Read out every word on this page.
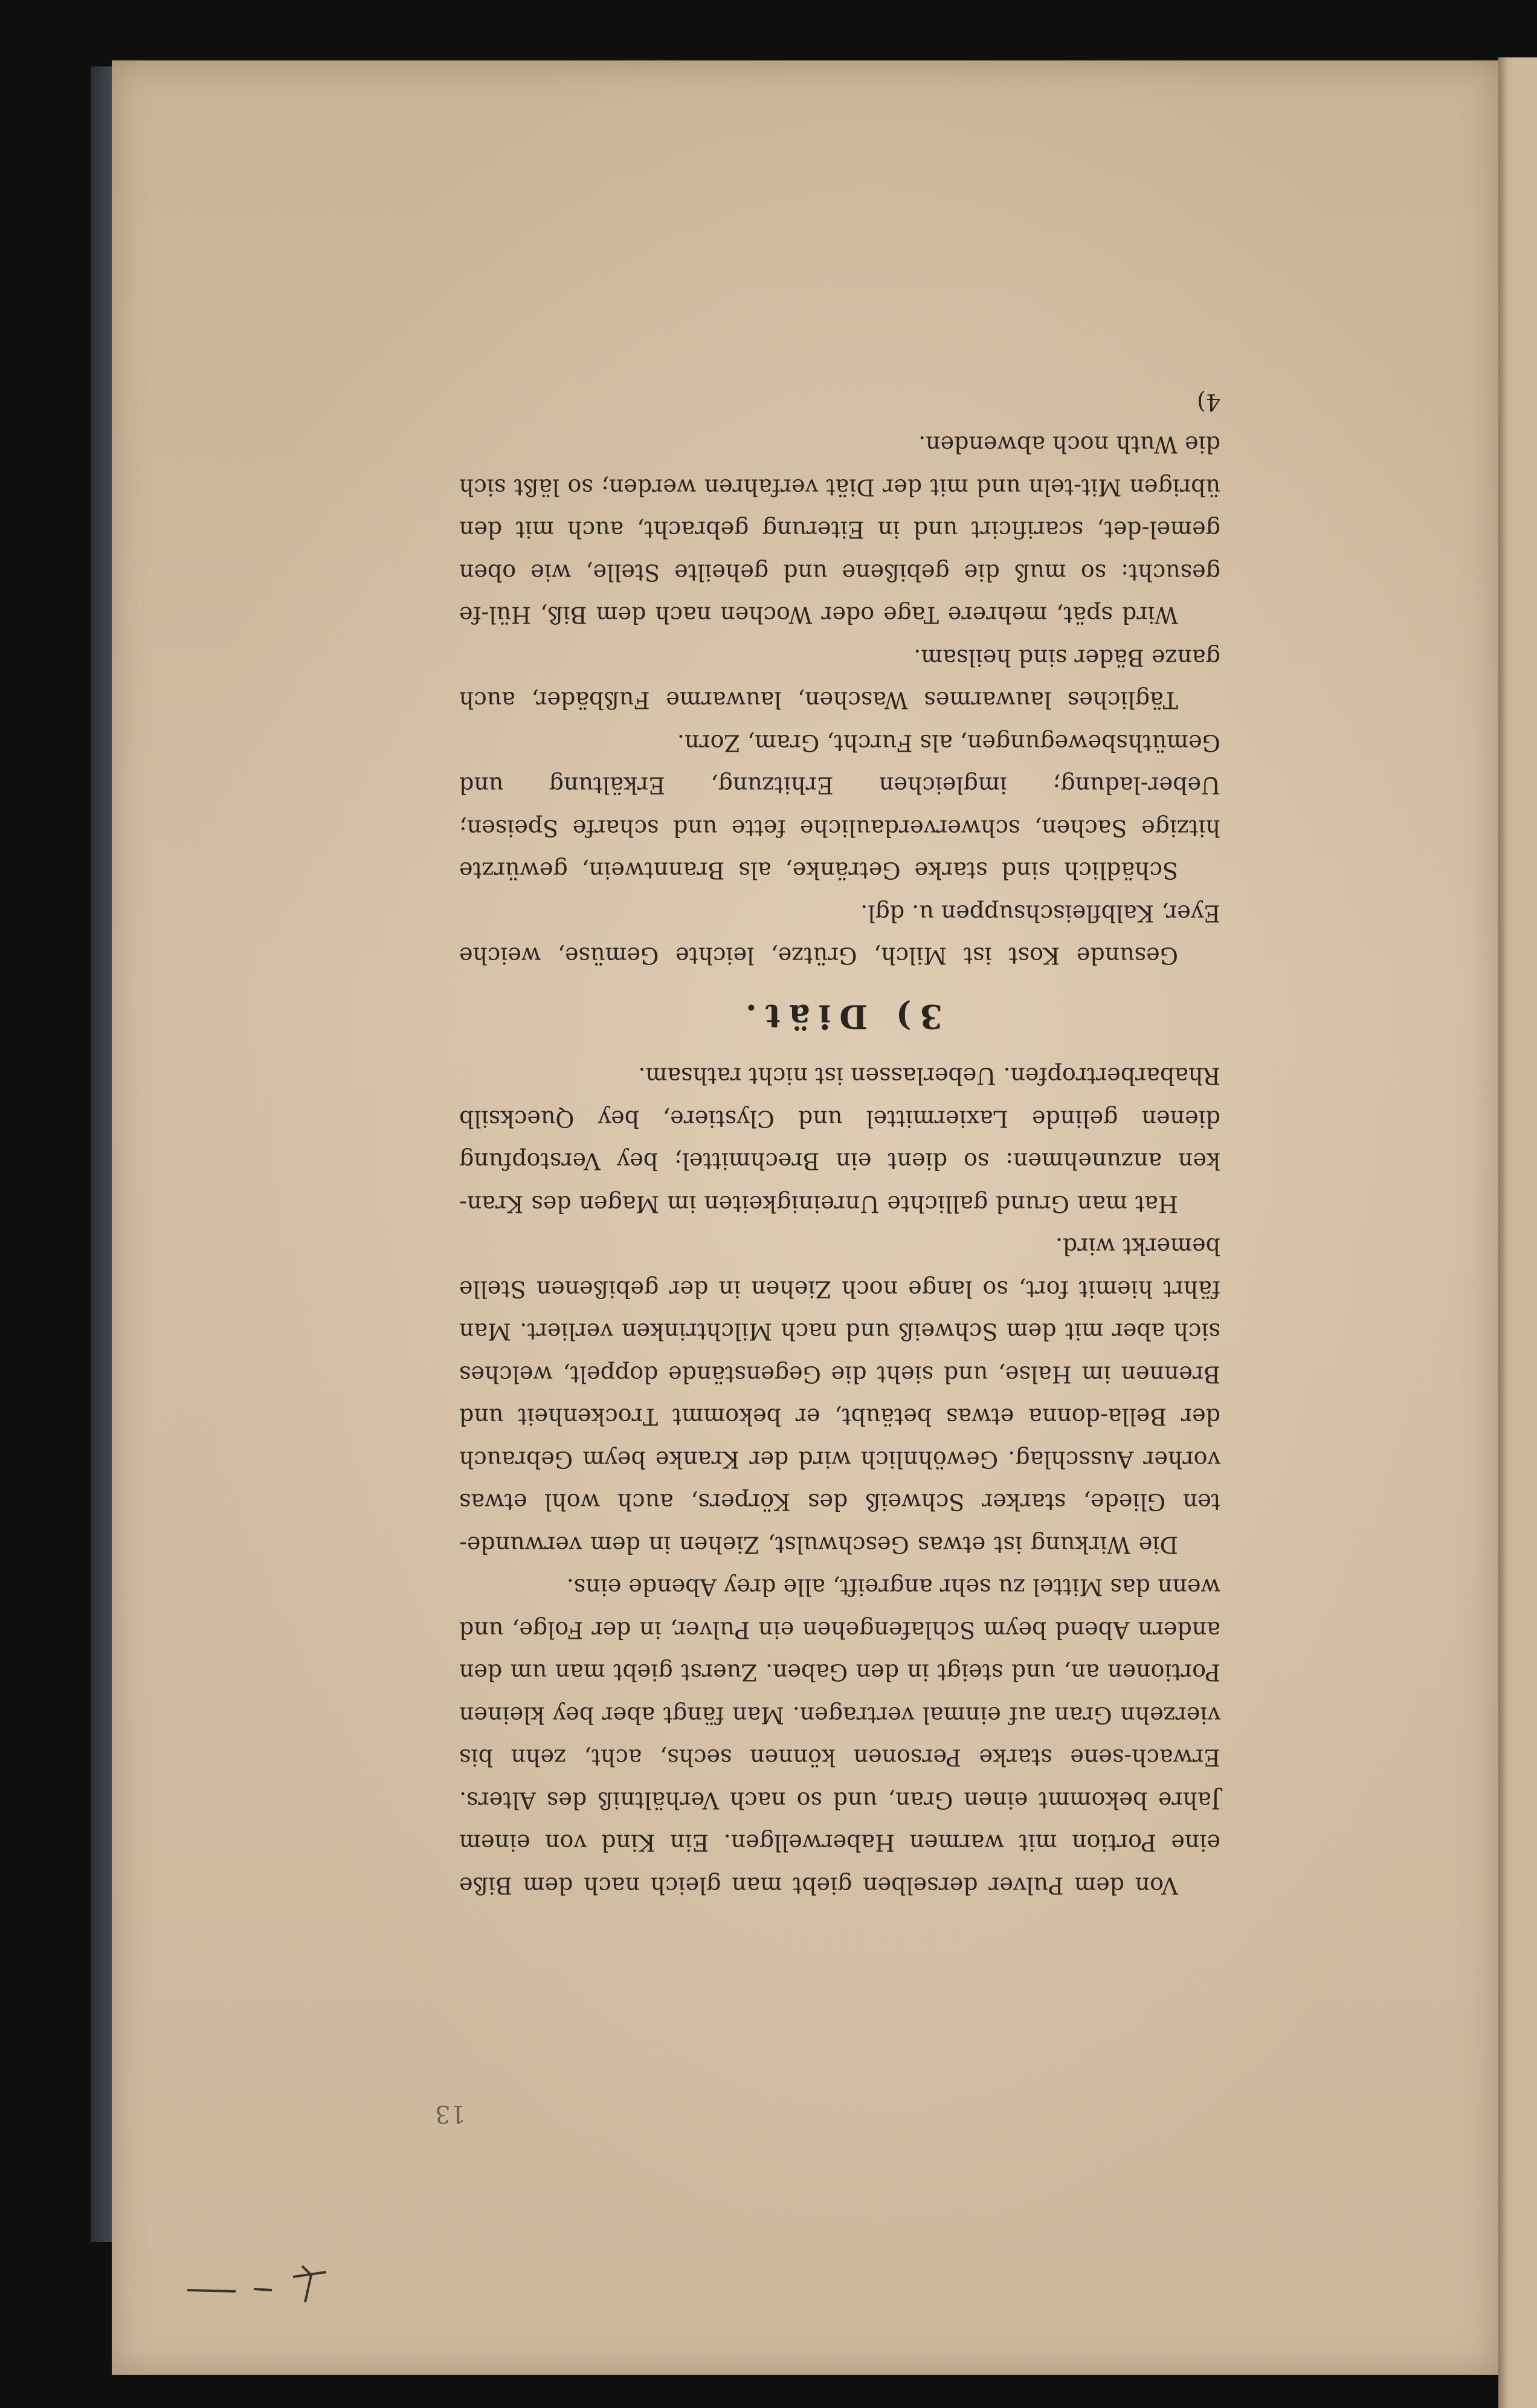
13

Von dem Pulver derselben giebt man gleich nach dem Biße eine Portion mit warmen Haberwellgen. Ein Kind von einem Jahre bekommt einen Gran, und so nach Verhältniß des Alters. Erwach-sene starke Personen können sechs, acht, zehn bis vierzehn Gran auf einmal vertragen. Man fängt aber bey kleinen Portionen an, und steigt in den Gaben. Zuerst giebt man um den andern Abend beym Schlafengehen ein Pulver, in der Folge, und wenn das Mittel zu sehr angreift, alle drey Abende eins.

Die Wirkung ist etwas Geschwulst, Ziehen in dem verwunde-ten Gliede, starker Schweiß des Körpers, auch wohl etwas vorher Ausschlag. Gewöhnlich wird der Kranke beym Gebrauch der Bella-donna etwas betäubt, er bekommt Trockenheit und Brennen im Halse, und sieht die Gegenstände doppelt, welches sich aber mit dem Schweiß und nach Milchtrinken verliert. Man fährt hiemit fort, so lange noch Ziehen in der gebißenen Stelle bemerkt wird.

Hat man Grund gallichte Unreinigkeiten im Magen des Kran-ken anzunehmen: so dient ein Brechmittel; bey Verstopfung dienen gelinde Laxiermittel und Clystiere, bey Quecksilb Rhabarbertropfen. Ueberlassen ist nicht rathsam.

3) Diät.

Gesunde Kost ist Milch, Grütze, leichte Gemüse, weiche Eyer, Kalbfleischsuppen u. dgl.

Schädlich sind starke Getränke, als Branntwein, gewürzte hitzige Sachen, schwerverdauliche fette und scharfe Speisen; Ueber-ladung; imgleichen Erhitzung, Erkältung und Gemüthsbewegungen, als Furcht, Gram, Zorn.

Tägliches lauwarmes Waschen, lauwarme Fußbäder, auch ganze Bäder sind heilsam.

Wird spät, mehrere Tage oder Wochen nach dem Biß, Hül-fe gesucht: so muß die gebißene und geheilte Stelle, wie oben gemel-det, scarificirt und in Eiterung gebracht, auch mit den übrigen Mit-teln und mit der Diät verfahren werden; so läßt sich die Wuth noch abwenden.

4)
